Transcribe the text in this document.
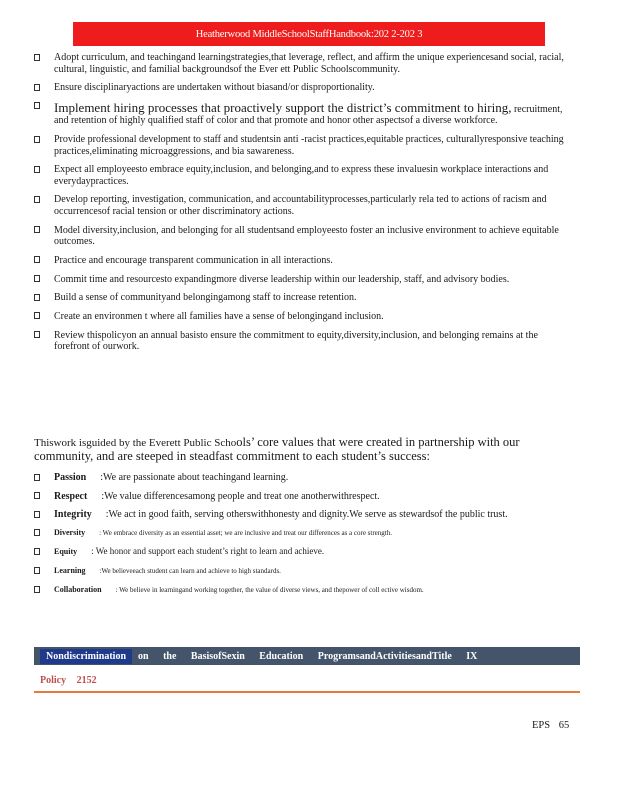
Heatherwood MiddleSchoolStaffHandbook:202 2-202 3
Adopt curriculum, and teachingand learningstrategies,that leverage, reflect, and affirm the unique experiencesand social, racial, cultural, linguistic, and familial backgroundsof the Ever ett Public Schoolscommunity.
Ensure disciplinaryactions are undertaken without biasand/or disproportionality.
Implement hiring processes that proactively support the district’s commitment to hiring, recruitment, and retention of highly qualified staff of color and that promote and honor other aspectsof a diverse workforce.
Provide professional development to staff and studentsin anti -racist practices,equitable practices, culturallyresponsive teaching practices,eliminating microaggressions, and bia sawareness.
Expect all employeesto embrace equity,inclusion, and belonging,and to express these invaluesin workplace interactions and everydaypractices.
Develop reporting, investigation, communication, and accountabilityprocesses,particularly rela ted to actions of racism and occurrencesof racial tension or other discriminatory actions.
Model diversity,inclusion, and belonging for all studentsand employeesto foster an inclusive environment to achieve equitable outcomes.
Practice and encourage transparent communication in all interactions.
Commit time and resourcesto expandingmore diverse leadership within our leadership, staff, and advisory bodies.
Build a sense of communityand belongingamong staff to increase retention.
Create an environmen t where all families have a sense of belongingand inclusion.
Review thispolicyon an annual basisto ensure the commitment to equity,diversity,inclusion, and belonging remains at the forefront of ourwork.
Thiswork isguided by the Everett Public Schools’ core values that were created in partnership with our community, and are steeped in steadfast commitment to each student’s success:
Passion :We are passionate about teachingand learning.
Respect :We value differencesamong people and treat one anotherwithrespect.
Integrity :We act in good faith, serving otherswithhonesty and dignity.We serve as stewardsof the public trust.
Diversity : We embrace diversity as an essential asset; we are inclusive and treat our differences as a core strength.
Equity : We honor and support each student’s right to learn and achieve.
Learning :We believeeach student can learn and achieve to high standards.
Collaboration : We believe in learningand working together, the value of diverse views, and thepower of coll ective wisdom.
Nondiscrimination	on the BasisofSexin Education ProgramsandActivitiesandTitle IX
Policy 2152
EPS 65
